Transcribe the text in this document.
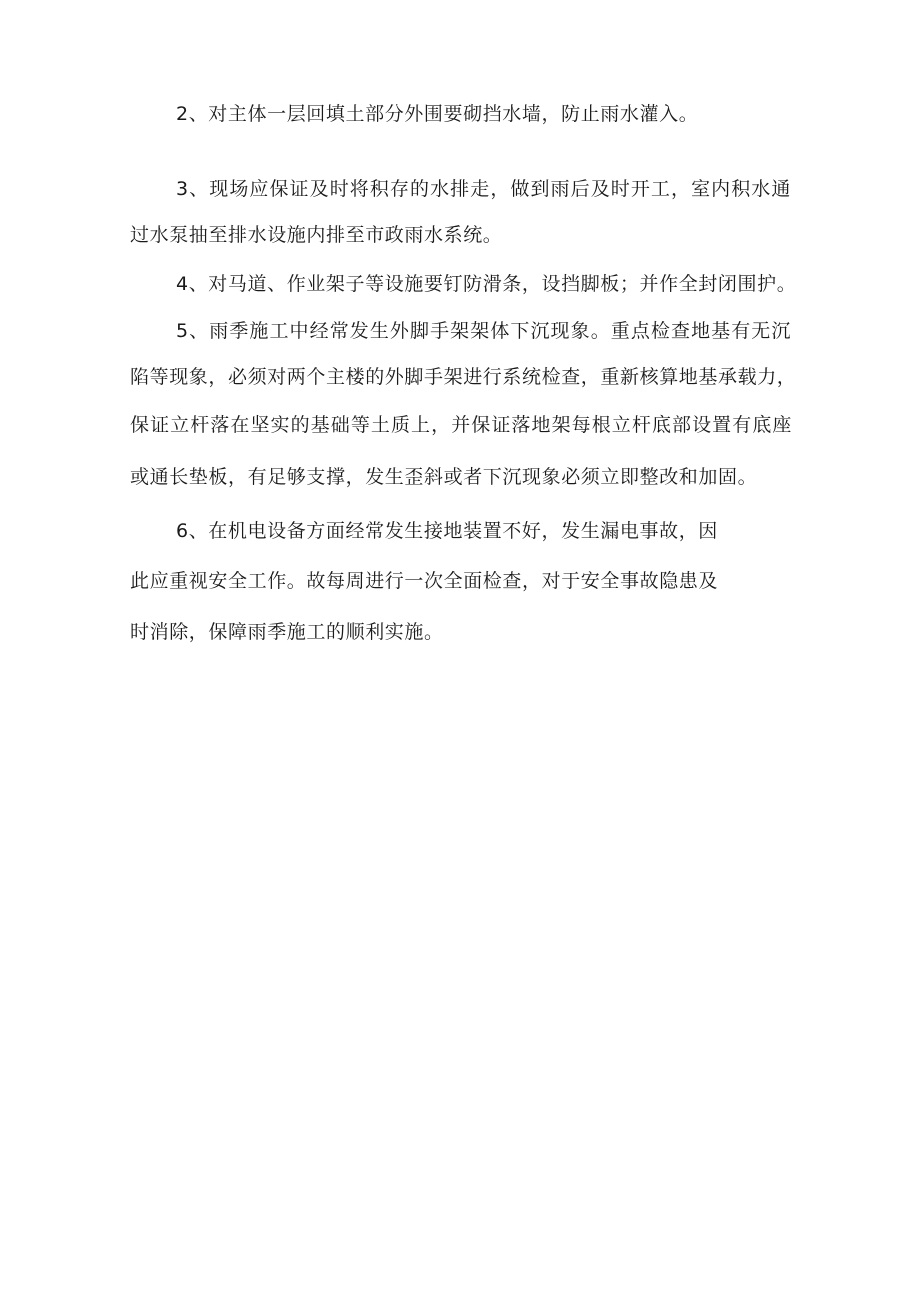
2、对主体一层回填土部分外围要砌挡水墙，防止雨水灌入。
3、现场应保证及时将积存的水排走，做到雨后及时开工，室内积水通
过水泵抽至排水设施内排至市政雨水系统。
4、对马道、作业架子等设施要钉防滑条，设挡脚板；并作全封闭围护。
5、雨季施工中经常发生外脚手架架体下沉现象。重点检查地基有无沉
陷等现象，必须对两个主楼的外脚手架进行系统检查，重新核算地基承载力，
保证立杆落在坚实的基础等土质上，并保证落地架每根立杆底部设置有底座
或通长垫板，有足够支撑，发生歪斜或者下沉现象必须立即整改和加固。
6、在机电设备方面经常发生接地装置不好，发生漏电事故，因
此应重视安全工作。故每周进行一次全面检查，对于安全事故隐患及
时消除，保障雨季施工的顺利实施。
